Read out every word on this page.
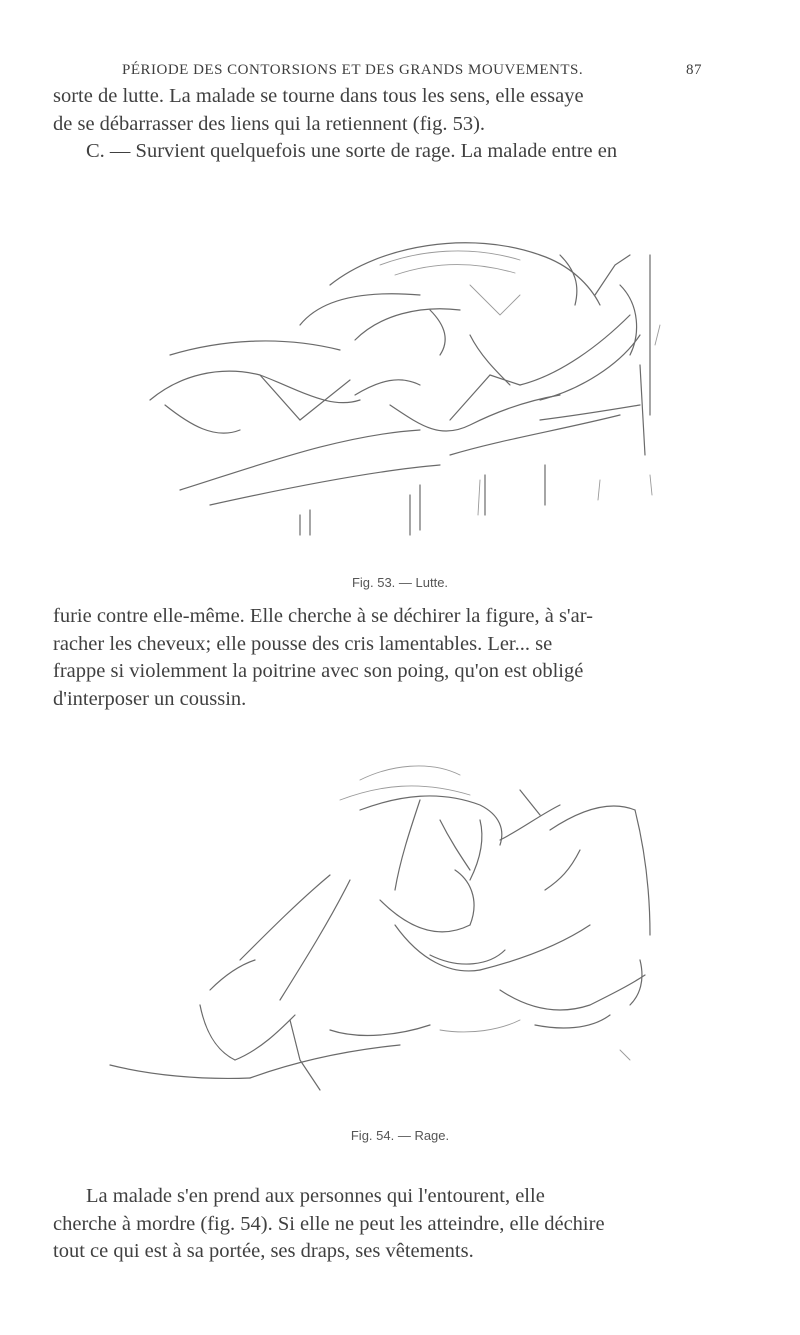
PÉRIODE DES CONTORSIONS ET DES GRANDS MOUVEMENTS.	87

sorte de lutte. La malade se tourne dans tous les sens, elle essaye

de se débarrasser des liens qui la retiennent (fig. 53).

C. — Survient quelquefois une sorte de rage. La malade entre en

Fig. 53. — Lutte.

furie contre elle-même. Elle cherche à se déchirer la figure, à s'ar-

racher les cheveux; elle pousse des cris lamentables. Ler... se

frappe si violemment la poitrine avec son poing, qu'on est obligé

d'interposer un coussin.

Fig. 54. — Rage.

La malade s'en prend aux personnes qui l'entourent, elle

cherche à mordre (fig. 54). Si elle ne peut les atteindre, elle déchire

tout ce qui est à sa portée, ses draps, ses vêtements.
